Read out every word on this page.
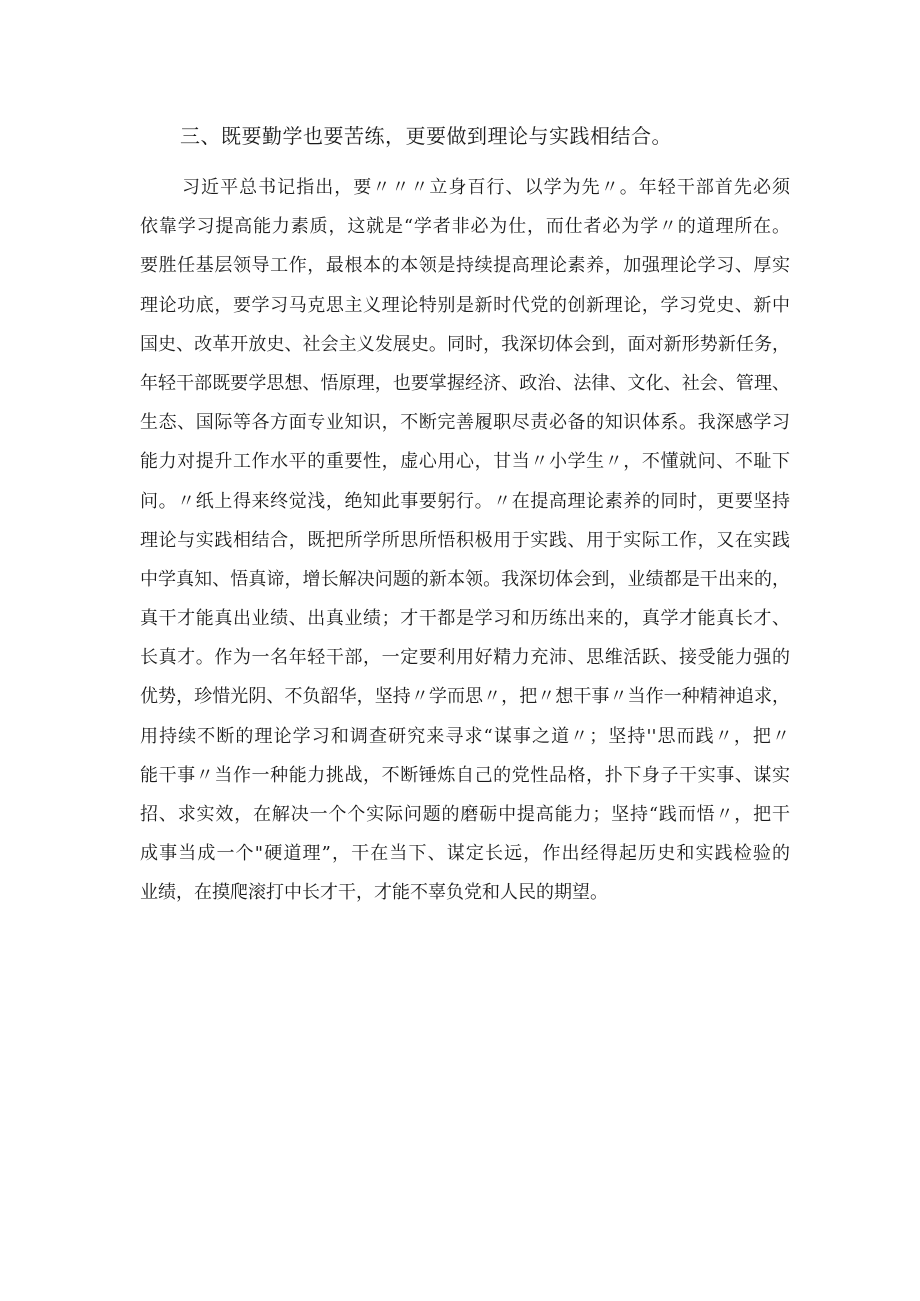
三、既要勤学也要苦练，更要做到理论与实践相结合。
习近平总书记指出，要〃〃〃立身百行、以学为先〃。年轻干部首先必须
依靠学习提高能力素质，这就是“学者非必为仕，而仕者必为学〃的道理所在。
要胜任基层领导工作，最根本的本领是持续提高理论素养，加强理论学习、厚实
理论功底，要学习马克思主义理论特别是新时代党的创新理论，学习党史、新中
国史、改革开放史、社会主义发展史。同时，我深切体会到，面对新形势新任务，
年轻干部既要学思想、悟原理，也要掌握经济、政治、法律、文化、社会、管理、
生态、国际等各方面专业知识，不断完善履职尽责必备的知识体系。我深感学习
能力对提升工作水平的重要性，虚心用心，甘当〃小学生〃，不懂就问、不耻下
问。〃纸上得来终觉浅，绝知此事要躬行。〃在提高理论素养的同时，更要坚持
理论与实践相结合，既把所学所思所悟积极用于实践、用于实际工作，又在实践
中学真知、悟真谛，增长解决问题的新本领。我深切体会到，业绩都是干出来的，
真干才能真出业绩、出真业绩；才干都是学习和历练出来的，真学才能真长才、
长真才。作为一名年轻干部，一定要利用好精力充沛、思维活跃、接受能力强的
优势，珍惜光阴、不负韶华，坚持〃学而思〃，把〃想干事〃当作一种精神追求，
用持续不断的理论学习和调查研究来寻求“谋事之道〃；坚持''思而践〃，把〃
能干事〃当作一种能力挑战，不断锤炼自己的党性品格，扑下身子干实事、谋实
招、求实效，在解决一个个实际问题的磨砺中提高能力；坚持“践而悟〃，把干
成事当成一个"硬道理”，干在当下、谋定长远，作出经得起历史和实践检验的
业绩，在摸爬滚打中长才干，才能不辜负党和人民的期望。
